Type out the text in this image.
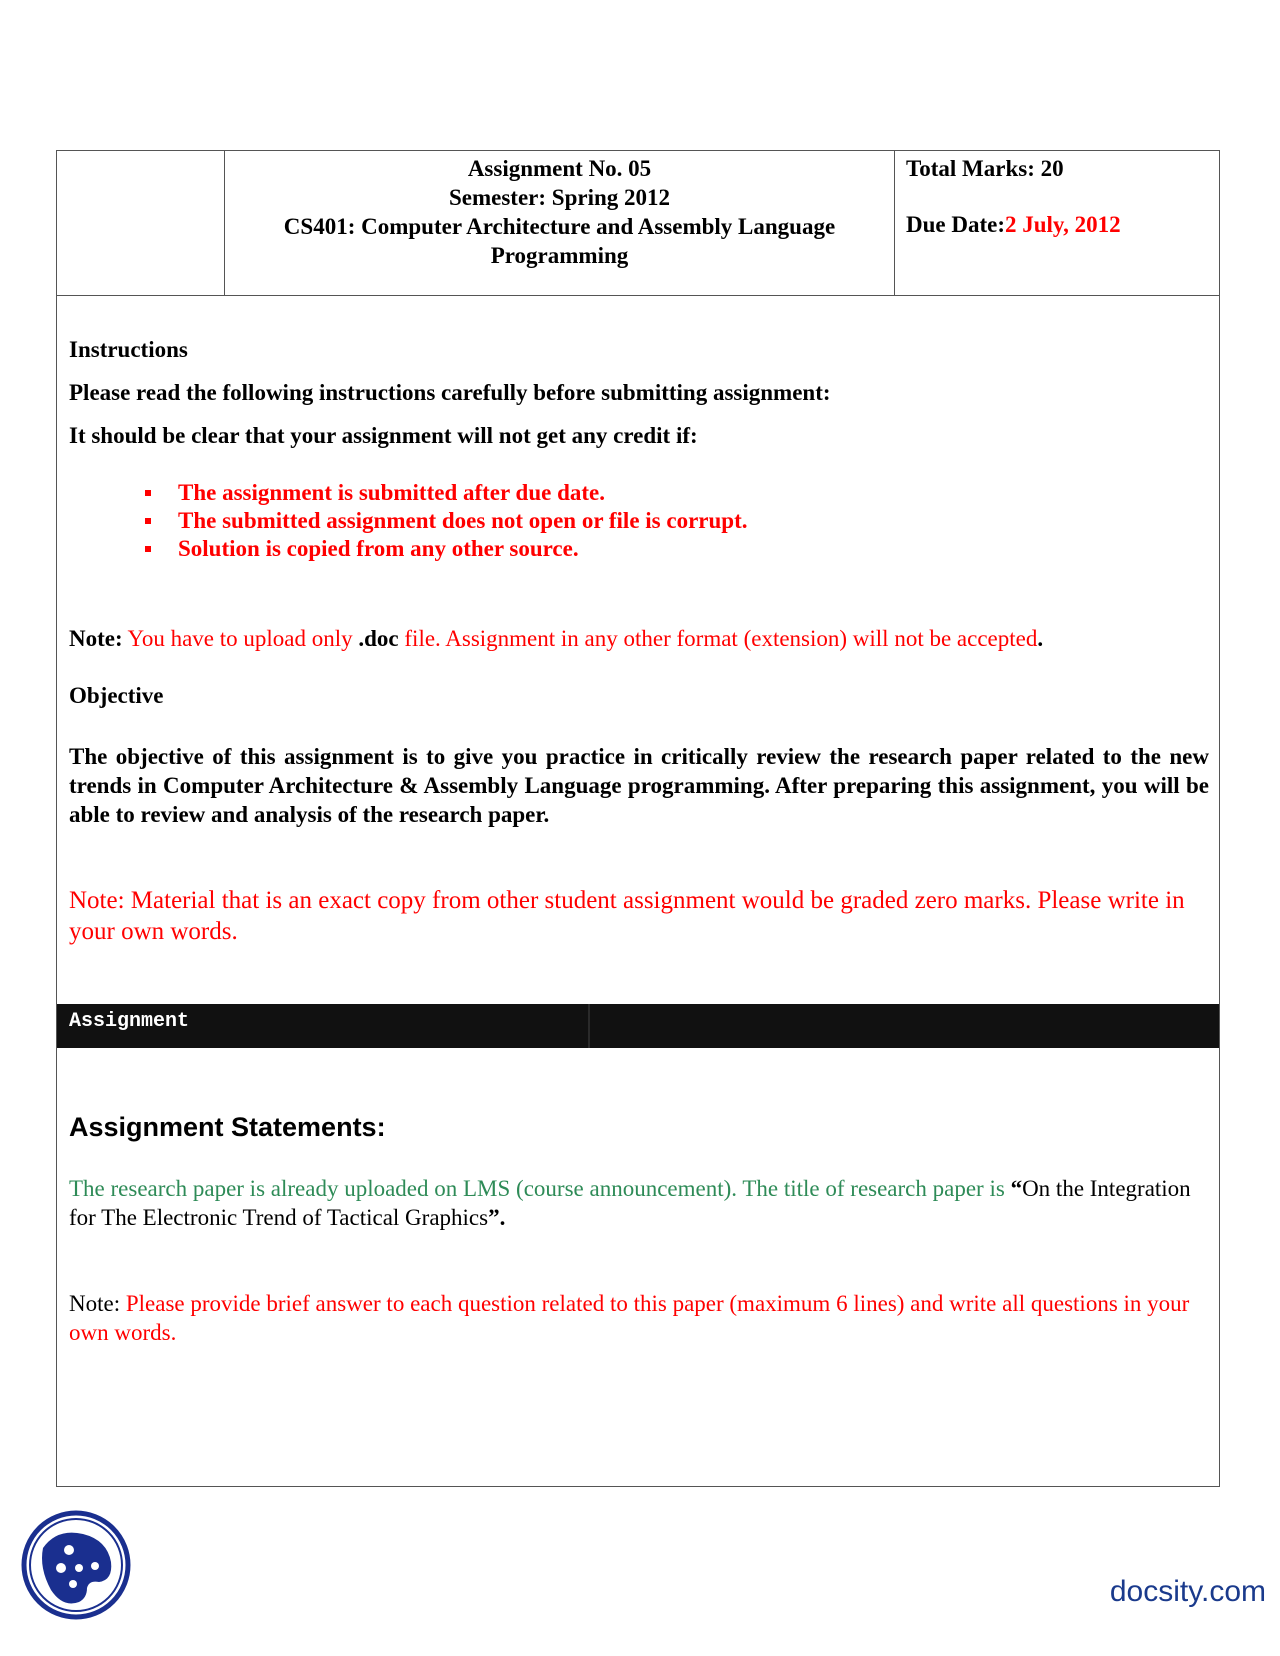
Assignment No. 05
Semester: Spring 2012
CS401: Computer Architecture and Assembly Language
Programming
Total Marks: 20
Due Date:2 July, 2012
Instructions
Please read the following instructions carefully before submitting assignment:
It should be clear that your assignment will not get any credit if:
The assignment is submitted after due date.
The submitted assignment does not open or file is corrupt.
Solution is copied from any other source.
Note: You have to upload only .doc file. Assignment in any other format (extension) will not be accepted.
Objective
The objective of this assignment is to give you practice in critically review the research paper related to the new trends in Computer Architecture & Assembly Language programming. After preparing this assignment, you will be able to review and analysis of the research paper.
Note: Material that is an exact copy from other student assignment would be graded zero marks. Please write in your own words.
Assignment
Assignment Statements:
The research paper is already uploaded on LMS (course announcement). The title of research paper is “On the Integration for The Electronic Trend of Tactical Graphics”.
Note: Please provide brief answer to each question related to this paper (maximum 6 lines) and write all questions in your own words.
docsity.com
